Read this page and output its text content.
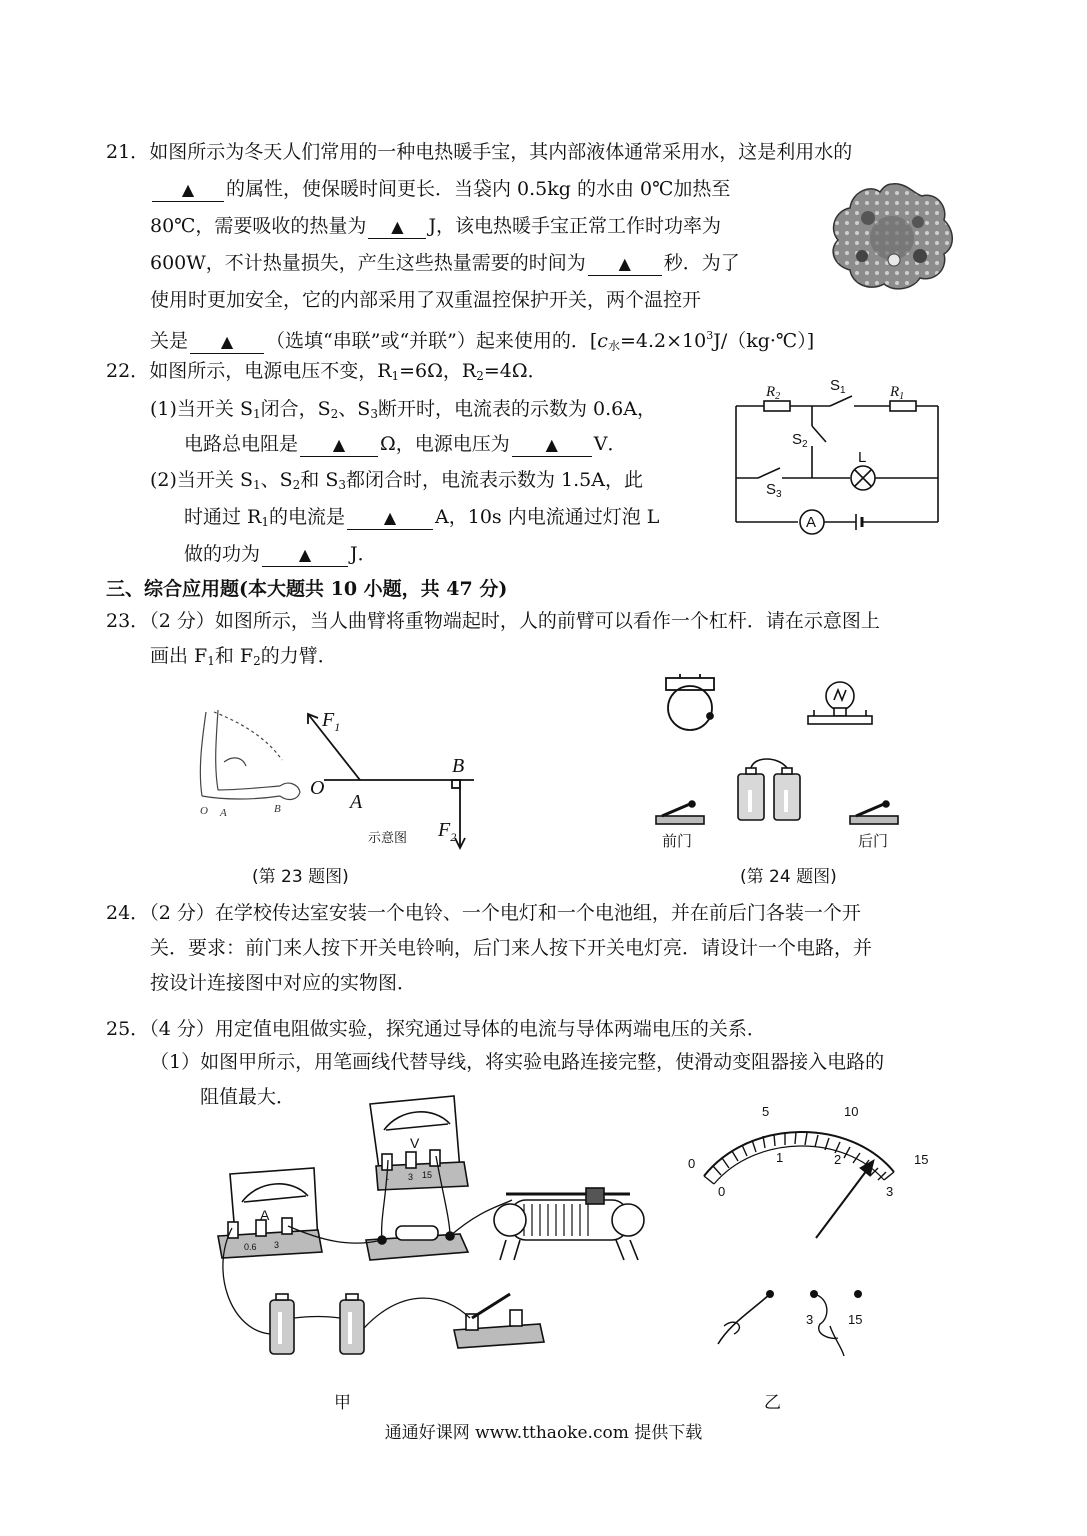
21．如图所示为冬天人们常用的一种电热暖手宝，其内部液体通常采用水，这是利用水的
▲ 的属性，使保暖时间更长．当袋内 0.5kg 的水由 0℃加热至
80℃，需要吸收的热量为 ▲ J，该电热暖手宝正常工作时功率为
600W，不计热量损失，产生这些热量需要的时间为 ▲ 秒．为了
使用时更加安全，它的内部采用了双重温控保护开关，两个温控开
关是 ▲ （选填“串联”或“并联”）起来使用的．$[c_水=4.2\times 10^3J/(kg\cdot℃)]$
22．如图所示，电源电压不变，$R_1=6\Omega$，$R_2=4\Omega$．
(1)当开关 $S_1$闭合，$S_2$、$S_3$断开时，电流表的示数为 0.6A，
电路总电阻是 ▲ Ω，电源电压为 ▲ V．
(2)当开关 $S_1$、$S_2$和 $S_3$都闭合时，电流表示数为 1.5A，此
时通过 $R_1$的电流是 ▲ A，10s 内电流通过灯泡 L
做的功为 ▲ J．
$R_2$	$R_1$
$S_1$
$S_2$
$S_3$
L
A
三、综合应用题(本大题共 10 小题，共 47 分)
23．（2 分）如图所示，当人曲臂将重物端起时，人的前臂可以看作一个杠杆．请在示意图上
画出 $F_1$和 $F_2$的力臂．
O A	B
$F_1$
O
A
B
$F_2$
示意图
(第 23 题图)
前门	后门
(第 24 题图)
24．（2 分）在学校传达室安装一个电铃、一个电灯和一个电池组，并在前后门各装一个开
关．要求：前门来人按下开关电铃响，后门来人按下开关电灯亮．请设计一个电路，并
按设计连接图中对应的实物图．
25．（4 分）用定值电阻做实验，探究通过导体的电流与导体两端电压的关系．
（1）如图甲所示，用笔画线代替导线，将实验电路连接完整，使滑动变阻器接入电路的
阻值最大．
V
A
0.6 3
- 3 15
甲
0
5	10
15
0
1	2
3
3	15
乙
通通好课网 www.tthaoke.com 提供下载
